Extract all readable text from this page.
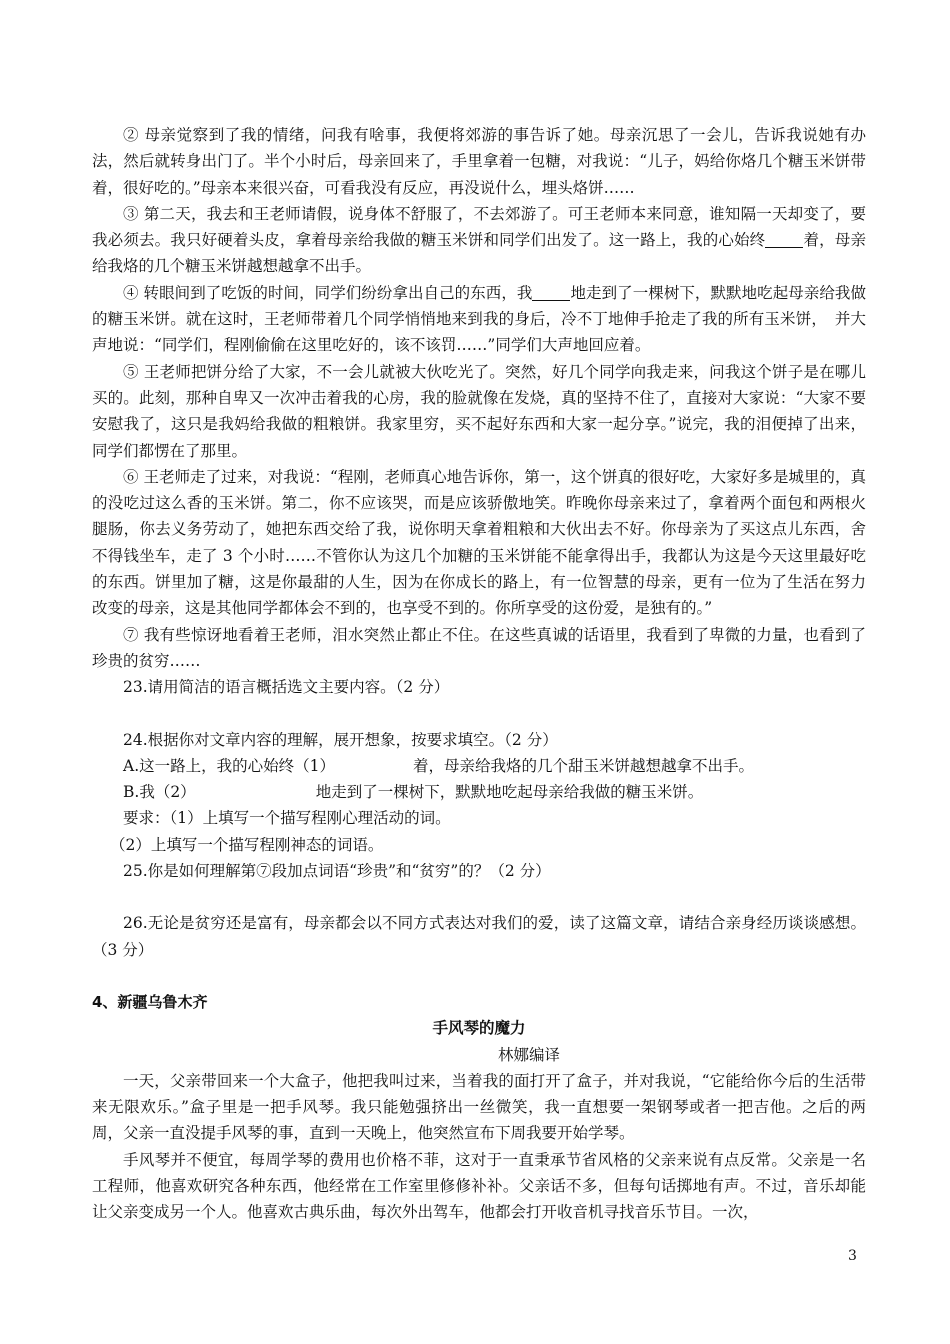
② 母亲觉察到了我的情绪，问我有啥事，我便将郊游的事告诉了她。母亲沉思了一会儿，告诉我说她有办法，然后就转身出门了。半个小时后，母亲回来了，手里拿着一包糖，对我说：“儿子，妈给你烙几个糖玉米饼带着，很好吃的。”母亲本来很兴奋，可看我没有反应，再没说什么，埋头烙饼……

③ 第二天，我去和王老师请假，说身体不舒服了，不去郊游了。可王老师本来同意，谁知隔一天却变了，要我必须去。我只好硬着头皮，拿着母亲给我做的糖玉米饼和同学们出发了。这一路上，我的心始终 着，母亲给我烙的几个糖玉米饼越想越拿不出手。

④ 转眼间到了吃饭的时间，同学们纷纷拿出自己的东西，我 地走到了一棵树下，默默地吃起母亲给我做的糖玉米饼。就在这时，王老师带着几个同学悄悄地来到我的身后，冷不丁地伸手抢走了我的所有玉米饼，　并大声地说：“同学们，程刚偷偷在这里吃好的，该不该罚……”同学们大声地回应着。

⑤ 王老师把饼分给了大家，不一会儿就被大伙吃光了。突然，好几个同学向我走来，问我这个饼子是在哪儿买的。此刻，那种自卑又一次冲击着我的心房，我的脸就像在发烧，真的坚持不住了，直接对大家说：“大家不要安慰我了，这只是我妈给我做的粗粮饼。我家里穷，买不起好东西和大家一起分享。”说完，我的泪便掉了出来，同学们都愣在了那里。

⑥ 王老师走了过来，对我说：“程刚，老师真心地告诉你，第一，这个饼真的很好吃，大家好多是城里的，真的没吃过这么香的玉米饼。第二，你不应该哭，而是应该骄傲地笑。昨晚你母亲来过了，拿着两个面包和两根火腿肠，你去义务劳动了，她把东西交给了我，说你明天拿着粗粮和大伙出去不好。你母亲为了买这点儿东西，舍不得钱坐车，走了 3 个小时……不管你认为这几个加糖的玉米饼能不能拿得出手，我都认为这是今天这里最好吃的东西。饼里加了糖，这是你最甜的人生，因为在你成长的路上，有一位智慧的母亲，更有一位为了生活在努力改变的母亲，这是其他同学都体会不到的，也享受不到的。你所享受的这份爱，是独有的。”

⑦ 我有些惊讶地看着王老师，泪水突然止都止不住。在这些真诚的话语里，我看到了卑微的力量，也看到了珍贵的贫穷……

23.请用简洁的语言概括选文主要内容。（2 分）

24.根据你对文章内容的理解，展开想象，按要求填空。（2 分）

A.这一路上，我的心始终（1）	着，母亲给我烙的几个甜玉米饼越想越拿不出手。

B.我（2）	地走到了一棵树下，默默地吃起母亲给我做的糖玉米饼。

要求：（1）上填写一个描写程刚心理活动的词。

（2）上填写一个描写程刚神态的词语。

25.你是如何理解第⑦段加点词语“珍贵”和“贫穷”的？（2 分）

26.无论是贫穷还是富有，母亲都会以不同方式表达对我们的爱，读了这篇文章，请结合亲身经历谈谈感想。（3 分）

4、新疆乌鲁木齐

手风琴的魔力

林娜编译

一天，父亲带回来一个大盒子，他把我叫过来，当着我的面打开了盒子，并对我说，“它能给你今后的生活带来无限欢乐。”盒子里是一把手风琴。我只能勉强挤出一丝微笑，我一直想要一架钢琴或者一把吉他。之后的两周，父亲一直没提手风琴的事，直到一天晚上，他突然宣布下周我要开始学琴。

手风琴并不便宜，每周学琴的费用也价格不菲，这对于一直秉承节省风格的父亲来说有点反常。父亲是一名工程师，他喜欢研究各种东西，他经常在工作室里修修补补。父亲话不多，但每句话掷地有声。不过，音乐却能让父亲变成另一个人。他喜欢古典乐曲，每次外出驾车，他都会打开收音机寻找音乐节目。一次，

3
